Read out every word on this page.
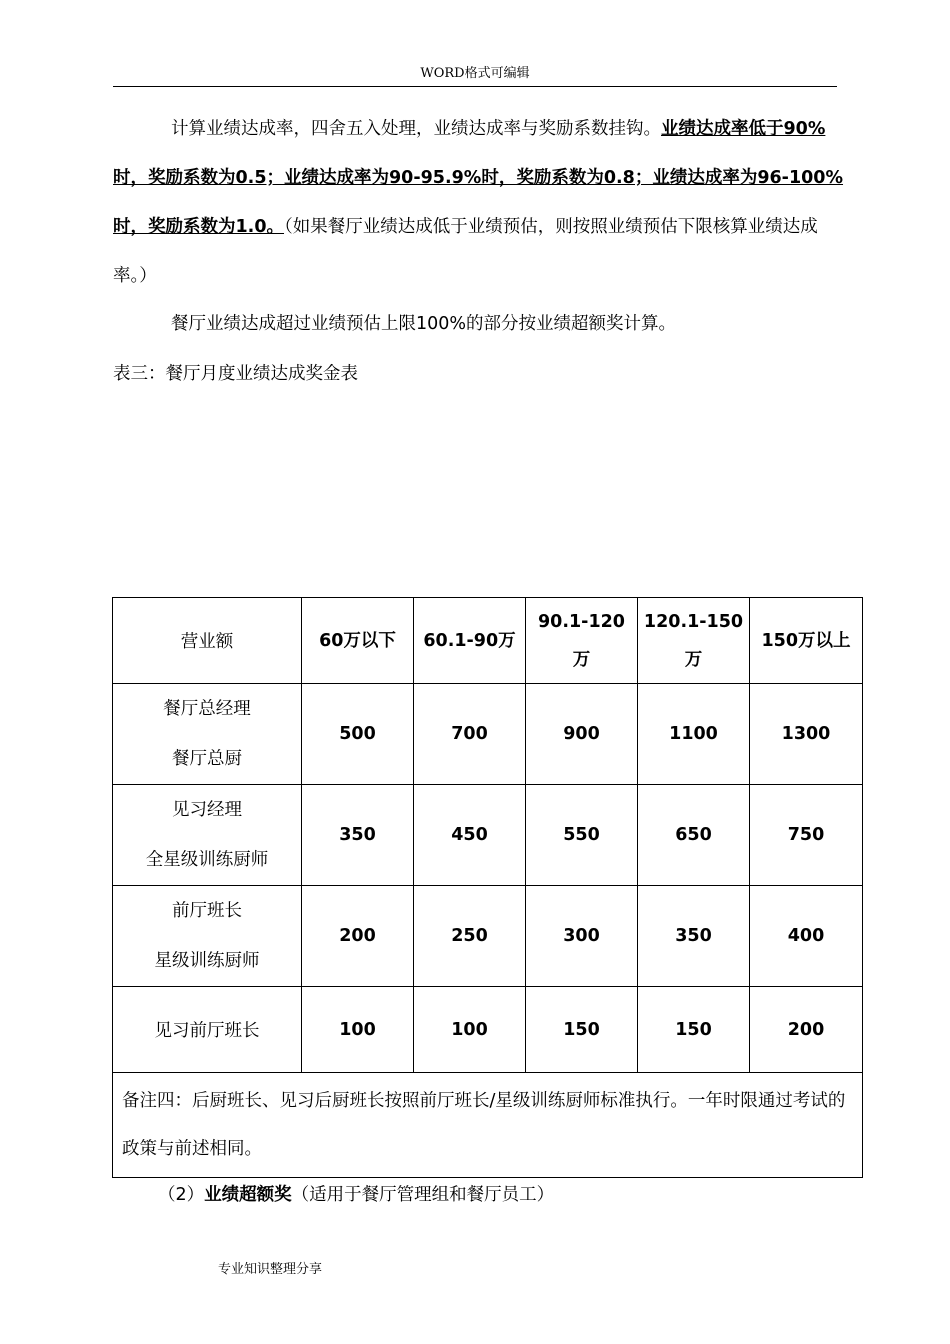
WORD格式可编辑
计算业绩达成率，四舍五入处理，业绩达成率与奖励系数挂钩。业绩达成率低于90%时，奖励系数为0.5；业绩达成率为90-95.9%时，奖励系数为0.8；业绩达成率为96-100%时，奖励系数为1.0。（如果餐厅业绩达成低于业绩预估，则按照业绩预估下限核算业绩达成率。）
餐厅业绩达成超过业绩预估上限100%的部分按业绩超额奖计算。
表三：餐厅月度业绩达成奖金表
营业额	60万以下	60.1-90万	90.1-120万	120.1-150万	150万以上

餐厅总经理
餐厅总厨	500	700	900	1100	1300

见习经理
全星级训练厨师	350	450	550	650	750

前厅班长
星级训练厨师	200	250	300	350	400

见习前厅班长	100	100	150	150	200
备注四：后厨班长、见习后厨班长按照前厅班长/星级训练厨师标准执行。一年时限通过考试的政策与前述相同。					
（2）业绩超额奖（适用于餐厅管理组和餐厅员工）
专业知识整理分享
